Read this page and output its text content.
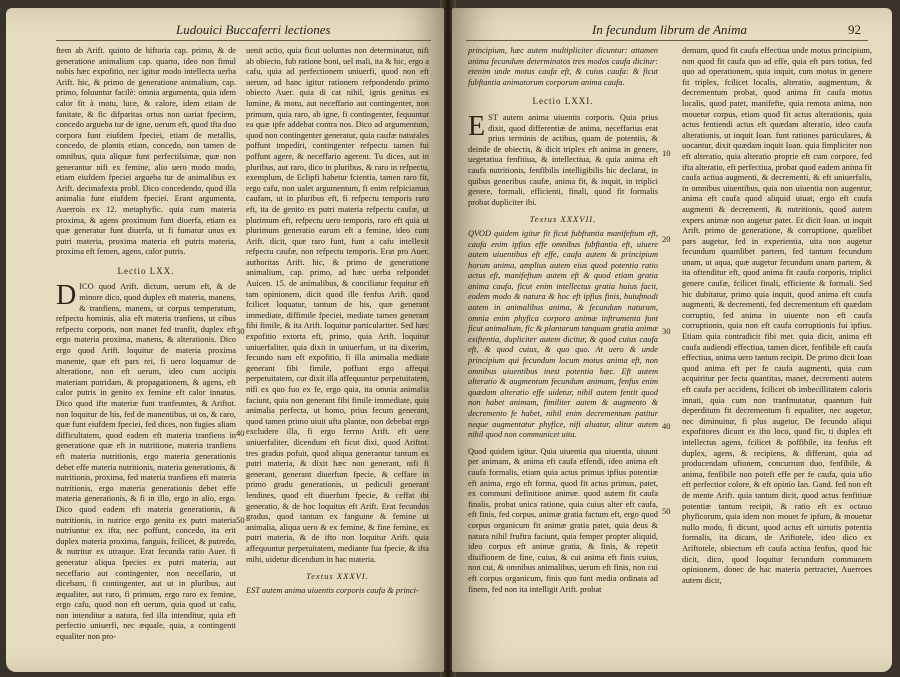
Ludouici Buccaferri lectiones

ftem ab Arift. quinto de hiftoria cap. primo, & de generatione animalium cap. quarto, ideo non fimul nobis hæc expofitio, nec igitur modo intellecta uerba Arift. hic, & primo de generatione animalium, cap. primo, foluuntur facilè: omnia argumenta, quia idem calor fit à motu, luce, & calore, idem etiam de fanitate, & fic difparitas ortus non uariat fpeciem, concedo argueba tur de igne, uerum eft, quod ifta duo corpora funt eiufdem fpeciei, etiam de metallis, concedo, de plantis etiam, concedo, non tamen de omnibus, quia aliquæ funt perfectiſsimæ, quæ non generantur nifi ex femine, alio uero modo modo, etiam eiufdem fpeciei argueba tur de animalibus ex Arift. decimafexta probl. Dico concedendo, quod illa animalia funt eiufdem fpeciei. Erant argumenta, Auerrois ex 12. metaphyfic. quia cum materia proxima, & agens proximum funt diuerfa, etiam ea quæ generatur funt diuerfa, ut fi fumatur unus ex putri materia, proxima materia eft putris materia, proxima eft femen, agens, calor putris.

Lectio LXX.

DICO quod Arift. dictum, uerum eft, & de minore dico, quod duplex eft materia, manens, & tranfiens, manens, ut corpus temperatum, refpectu hominis, alia eft materia tranfiens, ut cibus refpectu corporis, non manet fed tranfit, duplex eft ergo materia proxima, manens, & alterationis. Dico ergo quod Arift. loquitur de materia proxima manente, quæ eft pars rei, fi uero loquamur de alteratione, non eft uerum, ideo cum accipis materiam putridam, & propagationem, & agens, eft calor putris in genito ex femine eft calor innatus. Dico quod ifte materiæ funt tranfeuntes, & Ariftot. non loquitur de his, fed de manentibus, ut os, & caro, quæ funt eiufdem fpeciei, fed dices, non fugies aliam difficultatem, quod eadem eft materia tranfiens in generatione quæ eft in nutritione, materia tranfiens eft materia nutritionis, ergo materia generationis debet effe materia nutritionis, materia generationis, & nutritionis, proxima, fed materia tranfiens eft materia nutritionis, ergo materia generationis debet effe materia generationis, & fi in illo, ergo in alio, ergo. Dico quod eadem eft materia generationis, & nutritionis, in nutrice ergo genita ex putri materia nutriuntur ex ifta, nec poffunt, concedo, ita erit duplex materia proxima, fanguis, fcilicet, & putredo, & nutritur ex utraque. Erat fecunda ratio Auer. fi generatur aliqua fpecies ex putri materia, aut neceffario aut contingenter, non neceſſario, ut dicebam, fi contingenter, aut ut in pluribus, aut æqualiter, aut raro, fi primum, ergo raro ex femine, ergo cafu, quod non eft uerum, quia quod ut cafu, non intenditur a natura, fed illa intenditur, quia eft perfectio uniuerfi, nec æquale, quia, a contingenti equaliter non pro-

uenit actio, quia ficut uoluntas non determinatur, nifi ab obiecto, fub ratione boni, uel mali, ita & hic, ergo a cafu, quia ad perfectionem uniuerfi, quod non eft uerum, ad hanc igitur rationem refpondendo primo obiecto Auer. quia di cat nihil, ignis genitus ex lumine, & motu, aut neceffario aut contingenter, non primum, quia raro, ab igne, fi contingenter, fequuntur ea quæ ipfe addebat contra nos. Dico ad argumentum, quod non contingenter generatur, quia caufæ naturales poffunt impediri, contingenter refpectu tamen fui poffunt agere, & neceffario agerent. Tu dices, aut in pluribus, aut raro, dico in pluribus, & raro in refpectu, exemplum, de Eclipfi habetur fcientia, tamen raro fit, ergo cafu, non ualet argumentum, fi enim refpiciamus caufam, ut in pluribus eft, fi refpectu temporis raro eft, ita de genito ex putri materia refpectu caufæ, ut plurimum eft, refpectu uero temporis, raro eft quia ut plurimum generatio earum eft a femine, ideo cum Arift. dicit, quæ raro funt, funt a cafu intellexit refpectu caufæ, non refpectu temporis. Erat pro Auer. authoritas Arift. hic, & primo de generatione animalium, cap. primo, ad hæc uerba refpondet Auicen. 15. de animalibus, & conciliatur fequitur eft tam opinionem, dicit quod ille fenfus Arift. quod fcilicet loquatur, tantum de his, quæ generant immediate, diffimile fpeciei, mediate tamen generant fibi fimile, & ita Arift. loquitur particulariter. Sed hæc expofitio extorta eft, primo, quia Arift. loquitur uniuerfaliter, quia dixit in uniuerfum, ut ita dixerim, fecundo nam eft expofitio, fi illa animalia mediate generant fibi fimile, poffunt ergo affequi perpetuitatem, cur dixit illa affequuntur perpetuitatem, nifi ex quo fuo ex fe, ergo quia, ita omnia animalia faciunt, quia non generant fibi fimile immediate, quia animalia perfecta, ut homo, prius fecum generant, quod tamen primo uiuit ufta plantæ, non debebat ergo excludere illa, fi ergo ferrno Arift. eft uere uniuerfaliter, dicendum eft ficut dixi, quod Ariftot. tres gradus pofuit, quod aliqua generantur tantum ex putri materia, & dixit hæc non generant, nifi fi generant, generant diuerfum fpecie, & ceffare in primo gradu generationis, ut pediculi generant lendines, quod eft diuerfum fpecie, & ceffat ibi generatio, & de hoc loquitus eft Arift. Erat fecundus gradus, quod tantum ex fanguine & femine ut animalia, aliqua uero & ex femine, & fine femine, ex putri materia, & de ifto non loquitur Arift. quia affequuntur perpetuitatem, mediante fua fpecie, & ifta mihi, uidetur dicendum in hac materia.

Textus XXXVI.

EST autem anima uiuentis corporis caufa & princi-

30
40
50
In fecundum librum de Anima	92

principium, hæc autem multipliciter dicuntur: attamen anima fecundum determinatos tres modos caufa dicitur: etenim unde motus caufa eft, & cuius caufa: & ficut fubftantia animatorum corporum anima caufa.

Lectio LXXI.

EST autem anima uiuentis corporis. Quia prius dixit, quod differentiæ de anima, neceffarius erat prius terminis de actibus, quam de potentiis, & deinde de obiectis, & dicit triplex eft anima in genere, uegetatiua fenfitiua, & intellectiua, & quia anima eft caufa nutritionis, fenfibilis intelligibilis hic declarat, in quibus generibus caufæ, anima fit, & inquit, in triplici genere, formali, efficienti, finali, quod fit formalis probat dupliciter ibi.

Textus XXXVII.

QVOD quidem igitur fit ficut fubftantia manifeftum eft, caufa enim ipfius effe omnibus fubftantia eft, uiuere autem uiuentibus eft effe, caufa autem & principium horum anima, amplius autem eius quod potentia ratio actus eft, manifeftum autem eft & quod etiam gratia anima caufa, ficut enim intellectus gratia huius facit, eodem modo & natura & hoc eft ipfius finis, huiufmodi autem in animalibus anima, & fecundum naturam, omnia enim phyfica corpora animæ inftrumenta funt ficut animalium, fic & plantarum tanquam gratia animæ exiftentia, dupliciter autem dicitur, & quod cuius caufa eft, & quod cuius, & quo quo. At uero & unde principium qui fecundum locum motus anima eft, non omnibus uiuentibus inest potentia hæc. Eft autem alteratio & augmentum fecundum animam, fenfus enim quædam alteratio effe uidetur, nihil autem fentit quod non habet animam, fimiliter autem & augmento & decremento fe habet, nihil enim decrementum patitur neque augmentatur phyfice, nifi aluatur, alitur autem nihil quod non communicet uita.

Quod quidem igitur. Quia uiuentia qua uiuentia, uiuunt per animam, & anima eft caufa effendi, ideo anima eft caufa formalis, etiam quia actus primus ipfius potentiæ eft anima, ergo eft forma, quod fit actus primus, patet, ex communi definitione animæ. quod autem fit caufa finalis, probat unica ratione, quia cuius alter eft caufa, eft finis, fed corpus, animæ gratia factum eft, ergo quod corpus organicum fit animæ gratia patet, quia deus & natura nihil fruftra faciunt, quia femper propter aliquid, ideo corpus eft animæ gratia, & finis, & repetit diuifionem de fine, cuius, & cui anima eft finis cuius, non cui, & omnibus animalibus, uerum eft finis, non cui eft corpus organicum, finis quo funt media ordinata ad finem, fed non ita intelligit Arift. probat

demum, quod fit caufa effectiua unde motus principium, non quod fit caufa quo ad effe, quia eft pars totius, fed quo ad operationem, quia inquit, cum motus in genere fit triplex, fcilicet localis, alteratio, augmentum, & decrementum probat, quod anima fit caufa motus localis, quod patet, manifefte, quia remota anima, non mouetur corpus, etiam quod fit actus alterationis, quia actus fentiendi actus eft quædam alteratio, ideo caufa alterationis, ut inquit Ioan. funt rationes particulares, & uocantur, dixit quædam inquit Ioan. quia fimpliciter non eft alteratio, quia alteratio proprie eft cum corpore, fed ifta alteratio, eft perfectiua, probat quod eadem anima fit caufa actiua augmenti, & decrementi, & eft uniuerfalis, in omnibus uiuentibus, quia non uiuentia non augentur, anima eft caufa quod aliquid uiuat, ergo eft caufa augmenti & decrementi, & nutritionis, quod autem expers animæ non augetur patet. Et dicit Ioan. ut inquit Arift. primo de generatione, & corruptione, quælibet pars augetur, fed in experientia, uita non augetur fecundum quamlibet partem, fed tantum fecundum unam, ut aqua, quæ augetur fecundum unam partem, & ita oftenditur eft, quod anima fit caufa corporis, triplici genere caufæ, fcilicet finali, efficiente & formali. Sed hic dubitatur, primo quia inquit, quod anima eft caufa augmenti, & decrementi, fed decrementum eft quædam corruptio, fed anima in uiuente non eft caufa corruptionis, quia non eft caufa corruptionis fui ipfius. Etiam quia contradicit fibi met. quia dicit, anima eft caufa audiendi effectiua, tamen dicet, fenfibile eft caufa effectiua, anima uero tantum recipit. De primo dicit Ioan quod anima eft per fe caufa augmenti, quia cum acquiritur per fecta quantitas, manet, decrementi autem eft caufa per accidens, fcilicet ob imbecillitatem caloris innati, quia cum non tranfmutatur, quantum fuit deperditum fit decrementum fi equaliter, nec augetur, nec diminuitur, fi plus augetur, De fecundo aliqui expofitores dicunt ex ifto loco, quod fic, ti duplex eft intellectus agens, fcilicet & poffibile, ita fenfus eft duplex, agens, & recipiens, & differunt, quia ad producendam ufionem, concurrunt duo, fenfibile, & anima, fenfibile non poteft effe per fe caufa, quia ufio eft perfectior colore, & eft opinio Ian. Gand. fed non eft de mente Arift. quia tantum dicit, quod actus fenfitiuæ potentiæ tantum recipit, & ratio eft ex octauo phyficorum, quia idem non mouet fe ipfum, & mouetur nullo modo, fi dicunt, quod actus eft uirtutis potentia formalis, ita dicam, de Ariftotele, ideo dico ex Ariftotele, obiectum eft caufa actiua fenfus, quod hic dicit, dico, quod loquitur fecundum communem opinionem, donec de hac materia pertractet, Auerroes autem dicit,

10
20
30
40
50
